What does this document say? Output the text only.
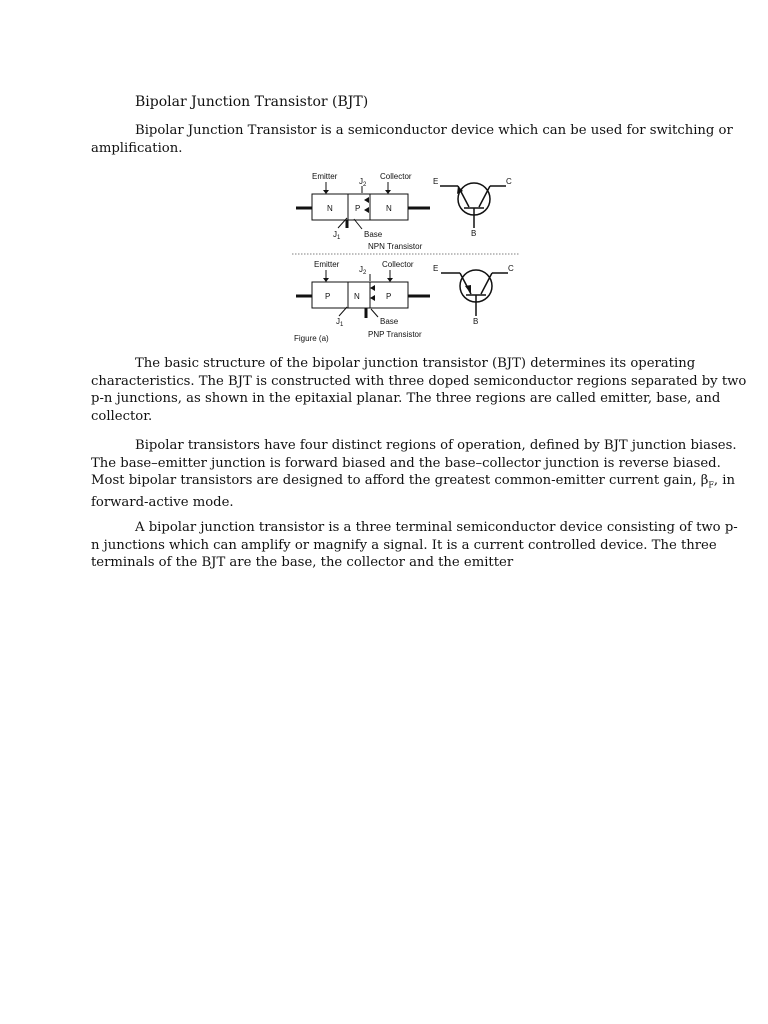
Bipolar Junction Transistor (BJT)

Bipolar Junction Transistor is a semiconductor device which can be used for switching or
amplification.

N	P	N
Emitter
$J_2$
Collector
$J_1$	Base
NPN Transistor
E	C
B
P	N	P
Emitter
$J_2$
Collector
$J_1$	Base
PNP Transistor
Figure (a)
E	C
B

The basic structure of the bipolar junction transistor (BJT) determines its operating
characteristics. The BJT is constructed with three doped semiconductor regions separated by two
p-n junctions, as shown in the epitaxial planar. The three regions are called emitter, base, and
collector.

Bipolar transistors have four distinct regions of operation, defined by BJT junction biases.
The base–emitter junction is forward biased and the base–collector junction is reverse biased.
Most bipolar transistors are designed to afford the greatest common-emitter current gain, $\beta_F$, in
forward-active mode.

A bipolar junction transistor is a three terminal semiconductor device consisting of two p-
n junctions which can amplify or magnify a signal. It is a current controlled device. The three
terminals of the BJT are the base, the collector and the emitter
